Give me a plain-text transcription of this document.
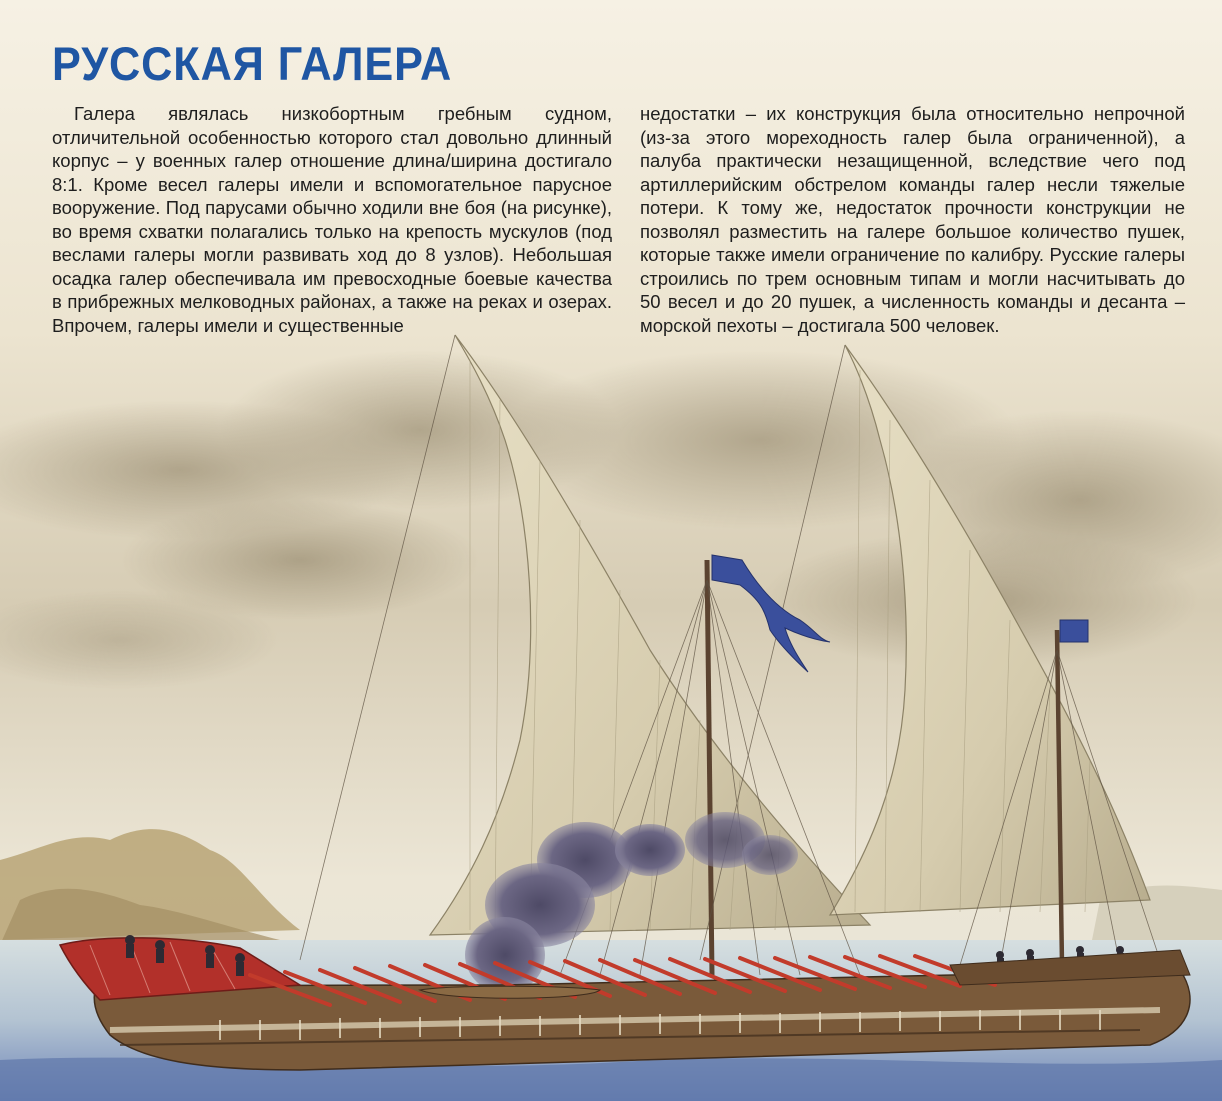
РУССКАЯ ГАЛЕРА

Галера являлась низкобортным гребным судном, отличительной особенностью которого стал довольно длинный корпус – у военных галер отношение длина/ширина достигало 8:1. Кроме весел галеры имели и вспомогательное парусное вооружение. Под парусами обычно ходили вне боя (на рисунке), во время схватки полагались только на крепость мускулов (под веслами галеры могли развивать ход до 8 узлов). Небольшая осадка галер обеспечивала им превосходные боевые качества в прибрежных мелководных районах, а также на реках и озерах. Впрочем, галеры имели и существенные

недостатки – их конструкция была относительно непрочной (из-за этого мореходность галер была ограниченной), а палуба практически незащищенной, вследствие чего под артиллерийским обстрелом команды галер несли тяжелые потери. К тому же, недостаток прочности конструкции не позволял разместить на галере большое количество пушек, которые также имели ограничение по калибру. Русские галеры строились по трем основным типам и могли насчитывать до 50 весел и до 20 пушек, а численность команды и десанта – морской пехоты – достигала 500 человек.
